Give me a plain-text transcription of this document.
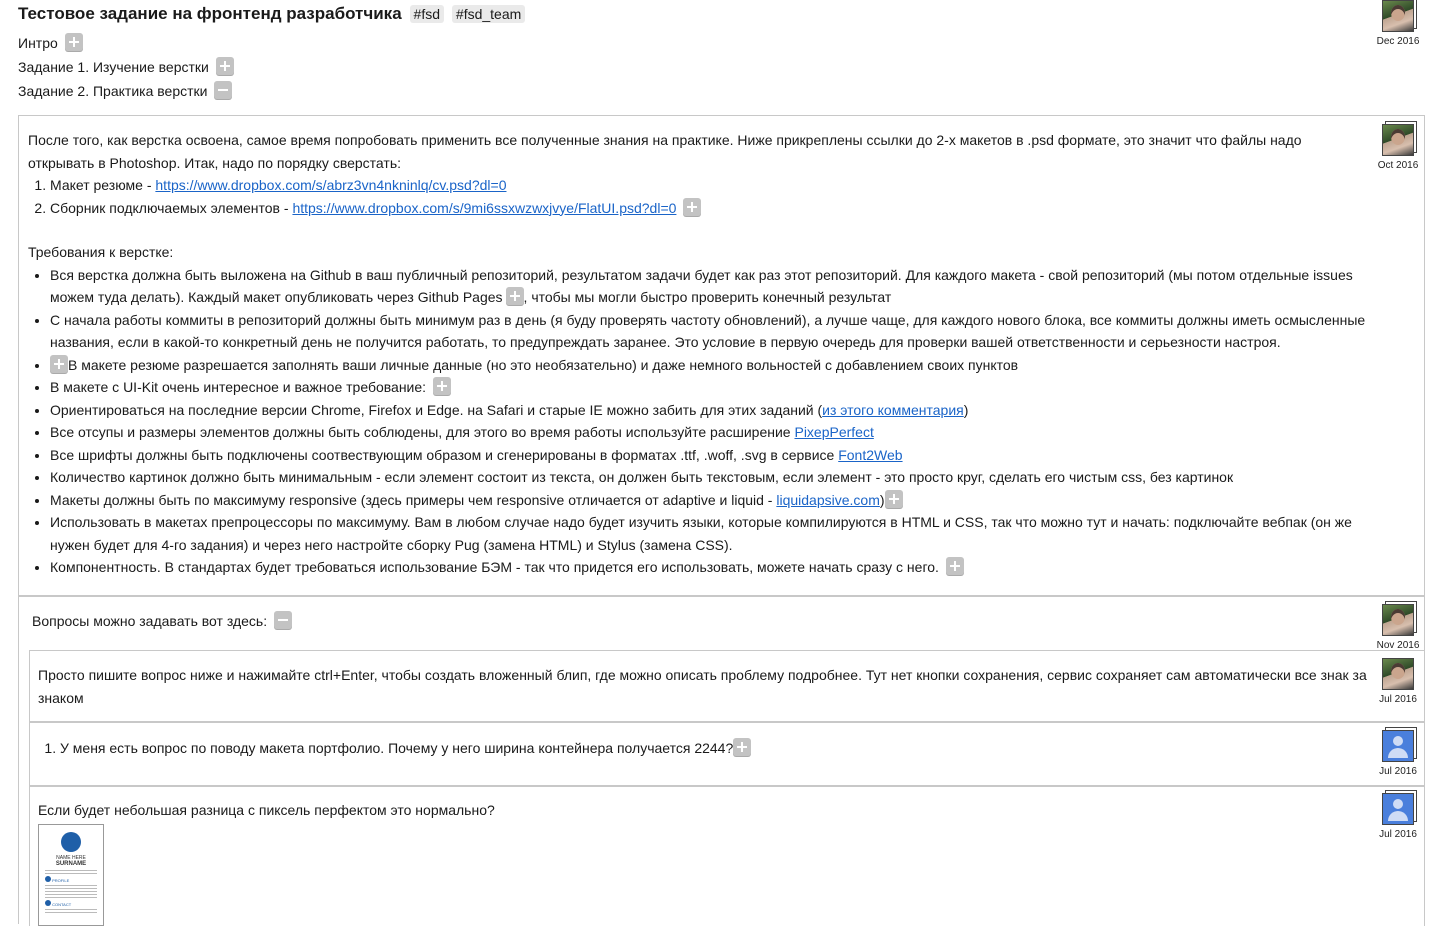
Тестовое задание на фронтенд разработчика #fsd #fsd_team
Dec 2016
Интро
Задание 1. Изучение верстки
Задание 2. Практика верстки
Oct 2016
После того, как верстка освоена, самое время попробовать применить все полученные знания на практике. Ниже прикреплены ссылки до 2-х макетов в .psd формате, это значит что файлы надо открывать в Photoshop. Итак, надо по порядку сверстать:
1. Макет резюме - https://www.dropbox.com/s/abrz3vn4nkninlq/cv.psd?dl=0
2. Сборник подключаемых элементов - https://www.dropbox.com/s/9mi6ssxwzwxjvye/FlatUI.psd?dl=0
Требования к верстке:
• Вся верстка должна быть выложена на Github в ваш публичный репозиторий, результатом задачи будет как раз этот репозиторий. Для каждого макета - свой репозиторий (мы потом отдельные issues можем туда делать). Каждый макет опубликовать через Github Pages , чтобы мы могли быстро проверить конечный результат
• С начала работы коммиты в репозиторий должны быть минимум раз в день (я буду проверять частоту обновлений), а лучше чаще, для каждого нового блока, все коммиты должны иметь осмысленные названия, если в какой-то конкретный день не получится работать, то предупреждать заранее. Это условие в первую очередь для проверки вашей ответственности и серьезности настроя.
• В макете резюме разрешается заполнять ваши личные данные (но это необязательно) и даже немного вольностей с добавлением своих пунктов
• В макете с UI-Kit очень интересное и важное требование:
• Ориентироваться на последние версии Chrome, Firefox и Edge. на Safari и старые IE можно забить для этих заданий (из этого комментария)
• Все отсупы и размеры элементов должны быть соблюдены, для этого во время работы используйте расширение PixepPerfect
• Все шрифты должны быть подключены соотвествующим образом и сгенерированы в форматах .ttf, .woff, .svg в сервисе Font2Web
• Количество картинок должно быть минимальным - если элемент состоит из текста, он должен быть текстовым, если элемент - это просто круг, сделать его чистым css, без картинок
• Макеты должны быть по максимуму responsive (здесь примеры чем responsive отличается от adaptive и liquid - liquidapsive.com)
• Использовать в макетах препроцессоры по максимуму. Вам в любом случае надо будет изучить языки, которые компилируются в HTML и CSS, так что можно тут и начать: подключайте вебпак (он же нужен будет для 4-го задания) и через него настройте сборку Pug (замена HTML) и Stylus (замена CSS).
• Компонентность. В стандартах будет требоваться использование БЭМ - так что придется его использовать, можете начать сразу с него.
Вопросы можно задавать вот здесь:
Nov 2016
Просто пишите вопрос ниже и нажимайте ctrl+Enter, чтобы создать вложенный блип, где можно описать проблему подробнее. Тут нет кнопки сохранения, сервис сохраняет сам автоматически все знак за знаком	Jul 2016
1. У меня есть вопрос по поводу макета портфолио. Почему у него ширина контейнера получается 2244?
Jul 2016
Если будет небольшая разница с пиксель перфектом это нормально?
Jul 2016
NAME HERE
SURNAME
PROFILE
CONTACT
